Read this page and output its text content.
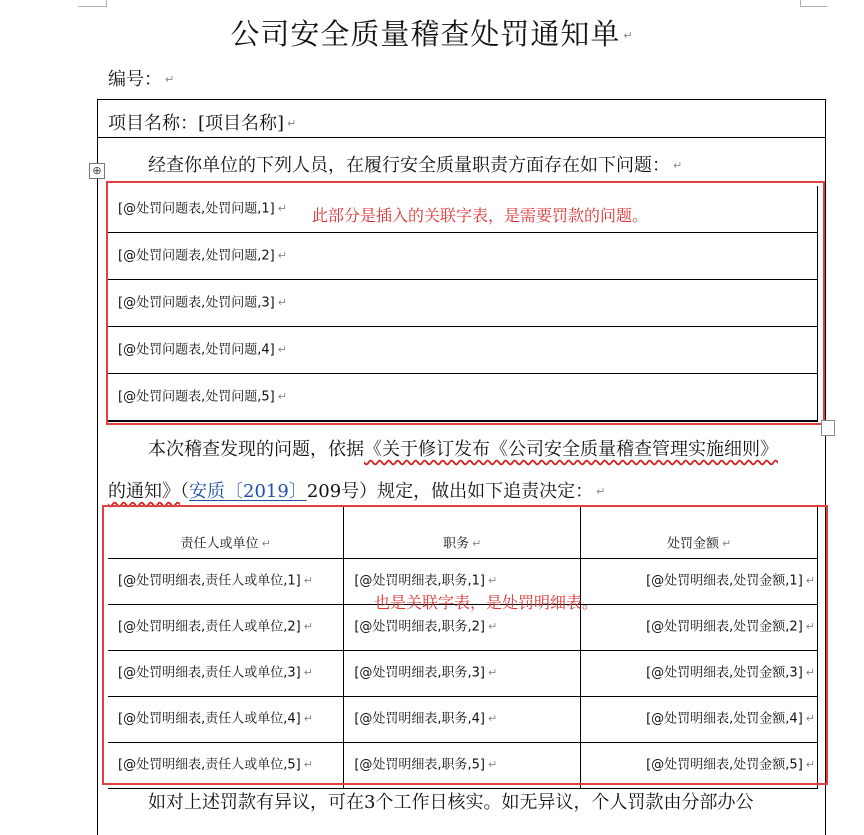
公司安全质量稽查处罚通知单 ↵
编号： ↵
项目名称：[项目名称] ↵
经查你单位的下列人员，在履行安全质量职责方面存在如下问题： ↵
⊕
[@处罚问题表,处罚问题,1] ↵
[@处罚问题表,处罚问题,2] ↵
[@处罚问题表,处罚问题,3] ↵
[@处罚问题表,处罚问题,4] ↵
[@处罚问题表,处罚问题,5] ↵
此部分是插入的关联字表，是需要罚款的问题。
本次稽查发现的问题，依据《关于修订发布《公司安全质量稽查管理实施细则》
的通知》（安质〔2019〕209号）规定，做出如下追责决定： ↵
责任人或单位 ↵	职务 ↵	处罚金额 ↵
[@处罚明细表,责任人或单位,1] ↵	[@处罚明细表,职务,1] ↵	[@处罚明细表,处罚金额,1] ↵
[@处罚明细表,责任人或单位,2] ↵	[@处罚明细表,职务,2] ↵	[@处罚明细表,处罚金额,2] ↵
[@处罚明细表,责任人或单位,3] ↵	[@处罚明细表,职务,3] ↵	[@处罚明细表,处罚金额,3] ↵
[@处罚明细表,责任人或单位,4] ↵	[@处罚明细表,职务,4] ↵	[@处罚明细表,处罚金额,4] ↵
[@处罚明细表,责任人或单位,5] ↵	[@处罚明细表,职务,5] ↵	[@处罚明细表,处罚金额,5] ↵
也是关联字表，是处罚明细表。
如对上述罚款有异议，可在3个工作日核实。如无异议，个人罚款由分部办公
